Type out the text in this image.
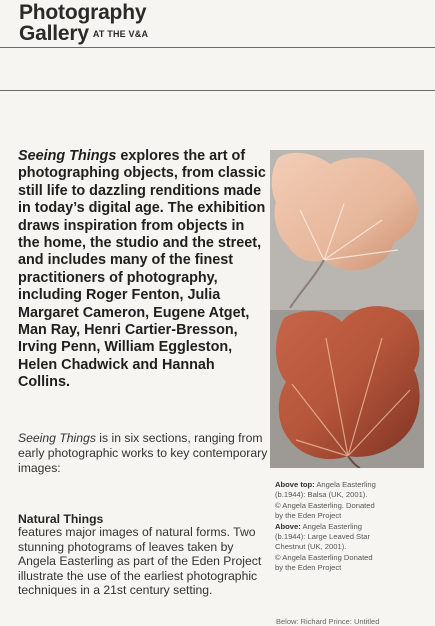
Photography
Gallery AT THE V&A

Seeing Things explores the art of photographing objects, from classic still life to dazzling renditions made in today’s digital age. The exhibition draws inspiration from objects in the home, the studio and the street, and includes many of the finest practitioners of photography, including Roger Fenton, Julia Margaret Cameron, Eugene Atget, Man Ray, Henri Cartier-Bresson, Irving Penn, William Eggleston, Helen Chadwick and Hannah Collins.

Seeing Things is in six sections, ranging from early photographic works to key contemporary images:

Natural Things

features major images of natural forms. Two stunning photograms of leaves taken by Angela Easterling as part of the Eden Project illustrate the use of the earliest photographic techniques in a 21st century setting.

Above top: Angela Easterling
(b.1944): Balsa (UK, 2001).
© Angela Easterling. Donated
by the Eden Project
Above: Angela Easterling
(b.1944): Large Leaved Star
Chestnut (UK, 2001).
© Angela Easterling Donated
by the Eden Project

Below: Richard Prince: Untitled
